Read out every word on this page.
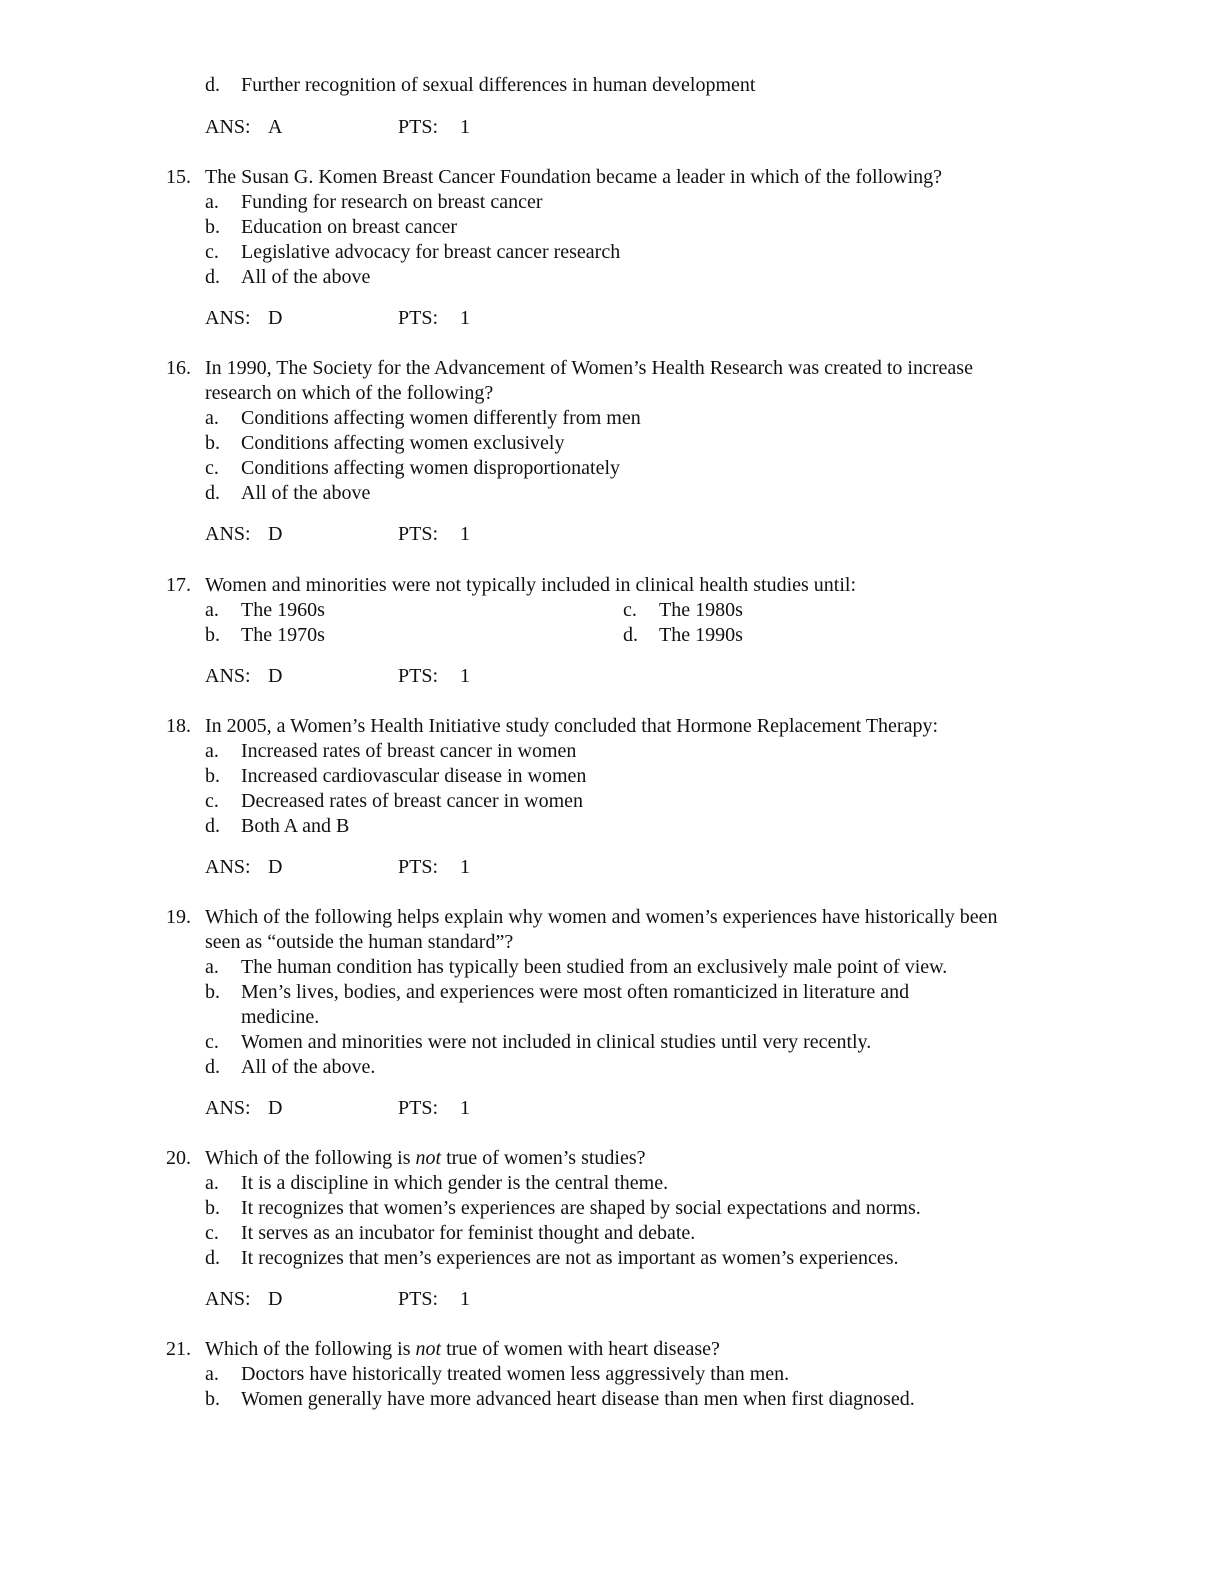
d. Further recognition of sexual differences in human development
ANS: A	PTS: 1
15. The Susan G. Komen Breast Cancer Foundation became a leader in which of the following?
a. Funding for research on breast cancer
b. Education on breast cancer
c. Legislative advocacy for breast cancer research
d. All of the above
ANS: D	PTS: 1
16. In 1990, The Society for the Advancement of Women’s Health Research was created to increase
research on which of the following?
a. Conditions affecting women differently from men
b. Conditions affecting women exclusively
c. Conditions affecting women disproportionately
d. All of the above
ANS: D	PTS: 1
17. Women and minorities were not typically included in clinical health studies until:
a. The 1960s
b. The 1970s
c. The 1980s
d. The 1990s
ANS: D	PTS: 1
18. In 2005, a Women’s Health Initiative study concluded that Hormone Replacement Therapy:
a. Increased rates of breast cancer in women
b. Increased cardiovascular disease in women
c. Decreased rates of breast cancer in women
d. Both A and B
ANS: D	PTS: 1
19. Which of the following helps explain why women and women’s experiences have historically been
seen as “outside the human standard”?
a. The human condition has typically been studied from an exclusively male point of view.
b. Men’s lives, bodies, and experiences were most often romanticized in literature and
medicine.
c. Women and minorities were not included in clinical studies until very recently.
d. All of the above.
ANS: D	PTS: 1
20. Which of the following is not true of women’s studies?
a. It is a discipline in which gender is the central theme.
b. It recognizes that women’s experiences are shaped by social expectations and norms.
c. It serves as an incubator for feminist thought and debate.
d. It recognizes that men’s experiences are not as important as women’s experiences.
ANS: D	PTS: 1
21. Which of the following is not true of women with heart disease?
a. Doctors have historically treated women less aggressively than men.
b. Women generally have more advanced heart disease than men when first diagnosed.
